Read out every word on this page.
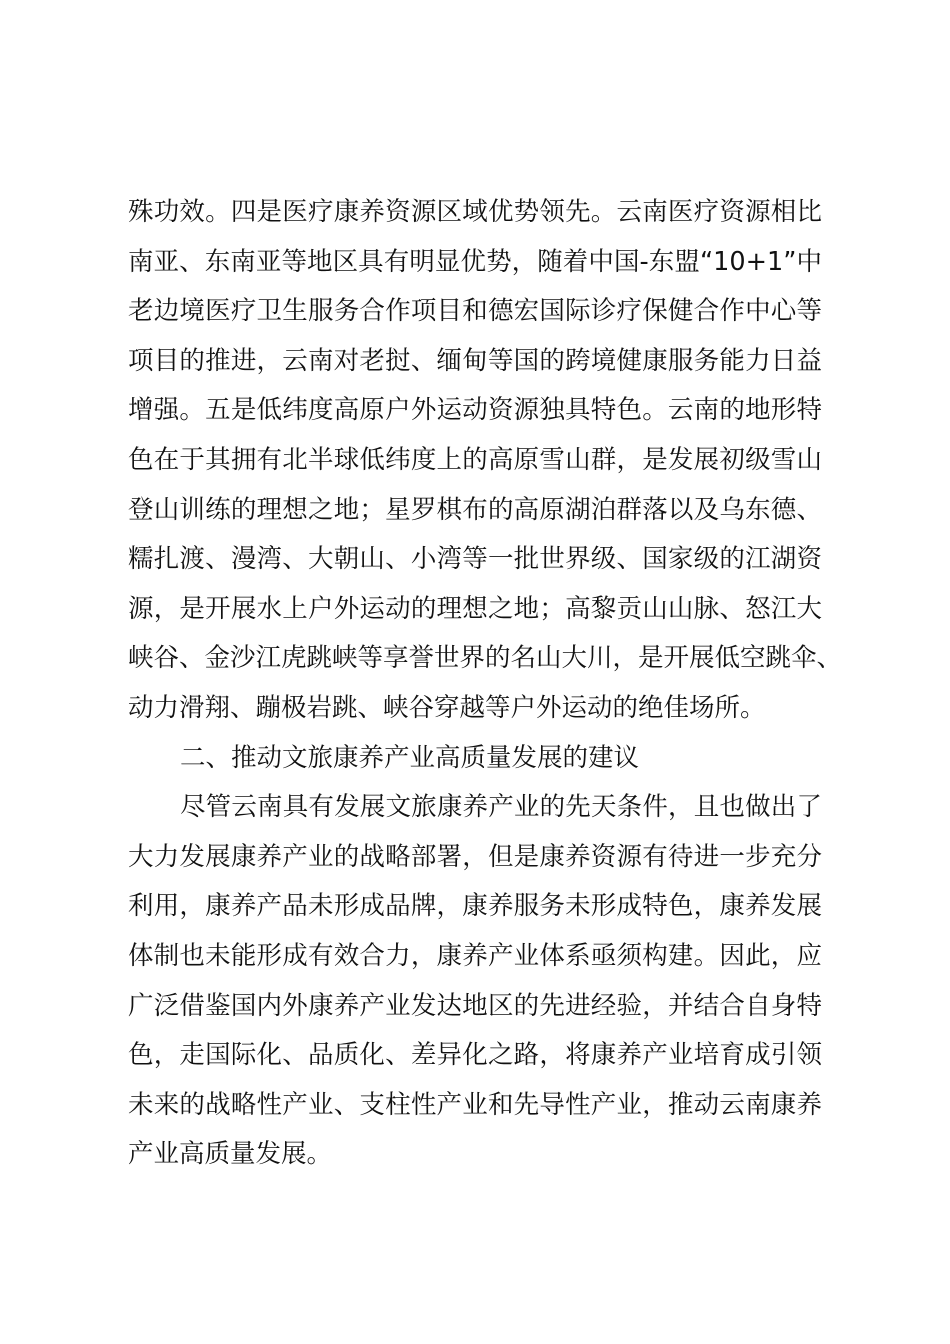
殊功效。四是医疗康养资源区域优势领先。云南医疗资源相比
南亚、东南亚等地区具有明显优势，随着中国-东盟“10+1”中
老边境医疗卫生服务合作项目和德宏国际诊疗保健合作中心等
项目的推进，云南对老挝、缅甸等国的跨境健康服务能力日益
增强。五是低纬度高原户外运动资源独具特色。云南的地形特
色在于其拥有北半球低纬度上的高原雪山群，是发展初级雪山
登山训练的理想之地；星罗棋布的高原湖泊群落以及乌东德、
糯扎渡、漫湾、大朝山、小湾等一批世界级、国家级的江湖资
源，是开展水上户外运动的理想之地；高黎贡山山脉、怒江大
峡谷、金沙江虎跳峡等享誉世界的名山大川，是开展低空跳伞、
动力滑翔、蹦极岩跳、峡谷穿越等户外运动的绝佳场所。
二、推动文旅康养产业高质量发展的建议
尽管云南具有发展文旅康养产业的先天条件，且也做出了
大力发展康养产业的战略部署，但是康养资源有待进一步充分
利用，康养产品未形成品牌，康养服务未形成特色，康养发展
体制也未能形成有效合力，康养产业体系亟须构建。因此，应
广泛借鉴国内外康养产业发达地区的先进经验，并结合自身特
色，走国际化、品质化、差异化之路，将康养产业培育成引领
未来的战略性产业、支柱性产业和先导性产业，推动云南康养
产业高质量发展。
